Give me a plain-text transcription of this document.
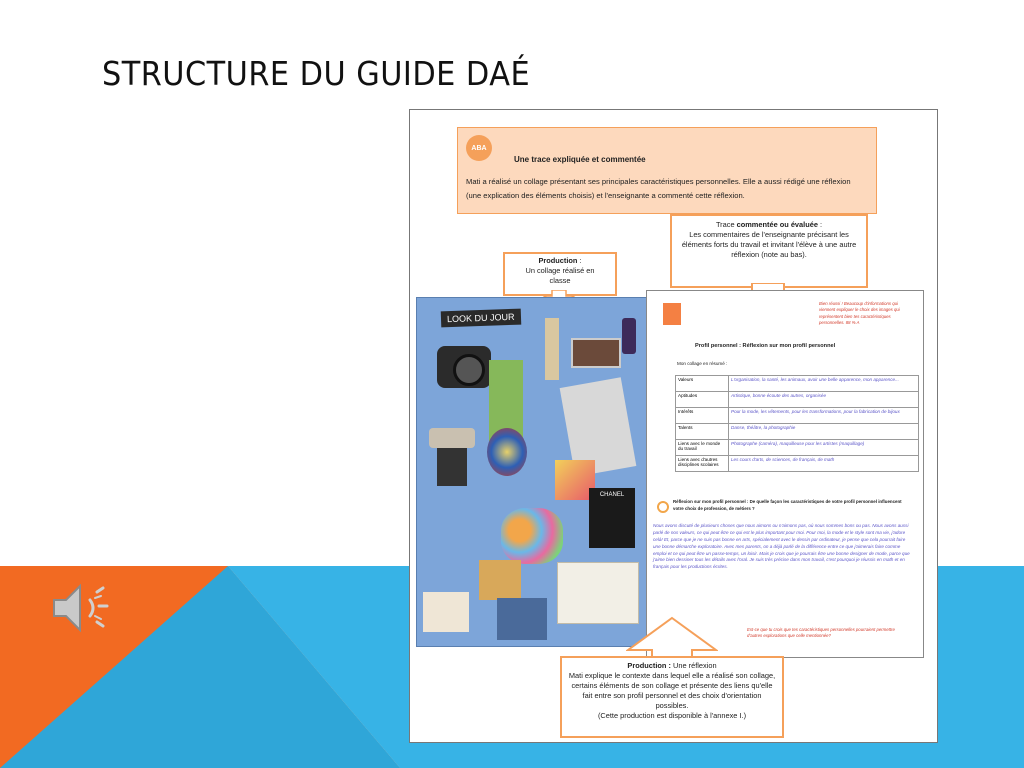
STRUCTURE DU GUIDE DAÉ
ABA
Une trace expliquée et commentée
Mati a réalisé un collage présentant ses principales caractéristiques personnelles. Elle a aussi rédigé une réflexion (une explication des éléments choisis) et l'enseignante a commenté cette réflexion.
Trace commentée ou évaluée :
Les commentaires de l'enseignante précisant les éléments forts du travail et invitant l'élève à une autre réflexion (note au bas).
Production :
Un collage réalisé en classe
LOOK DU JOUR
CHANEL
Bien réussi ! Beaucoup d'informations qui viennent expliquer le choix des images qui représentent bien tes caractéristiques personnelles. 88 % A
Profil personnel : Réflexion sur mon profil personnel
Mon collage en résumé :
Valeurs	L'organisation, la santé, les animaux, avoir une belle apparence, mon apparence...
Aptitudes	Artistique, bonne écoute des autres, organisée
Intérêts	Pour la mode, les vêtements, pour les transformations, pour la fabrication de bijoux
Talents	Danse, théâtre, la photographie
Liens avec le monde du travail	Photographe (caméra), maquilleuse pour les artistes (maquillage)
Liens avec d'autres disciplines scolaires	Les cours d'arts, de sciences, de français, de math
Réflexion sur mon profil personnel : De quelle façon les caractéristiques de votre profil personnel influencent votre choix de profession, de métiers ?
Nous avons discuté de plusieurs choses que nous aimons ou n'aimons pas, où nous sommes bons ou pas. Nous avons aussi parlé de nos valeurs, ce qui peut être ce qui est le plus important pour moi. Pour moi, la mode et le style sont ma vie, j'adore celà! Et, parce que je ne suis pas bonne en arts, spécialement avec le dessin par ordinateur, je pense que cela pourrait faire une bonne démarche exploratoire. Avec mes parents, on a déjà parlé de la différence entre ce que j'aimerais faire comme emploi et ce qui peut être un passe-temps, un loisir. Mais je crois que je pourrais être une bonne designer de mode, parce que j'aime bien dessiner tous les détails avec l'oral. Je suis très précise dans mon travail, c'est pourquoi je réussis en math et en français pour les productions écrites.
Est-ce que tu crois que tes caractéristiques personnelles pourraient permettre d'autres explorations que celle mentionnée?
Production : Une réflexion
Mati explique le contexte dans lequel elle a réalisé son collage, certains éléments de son collage et présente des liens qu'elle fait entre son profil personnel et des choix d'orientation possibles.
(Cette production est disponible à l'annexe I.)
